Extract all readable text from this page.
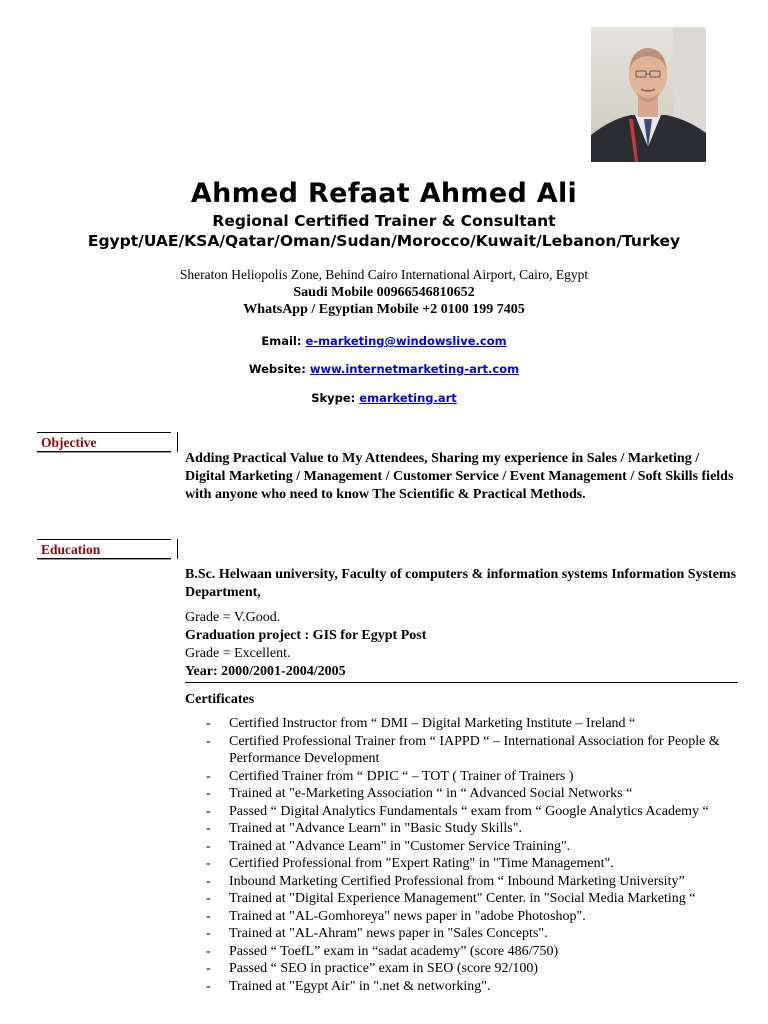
Ahmed Refaat Ahmed Ali
Regional Certified Trainer & Consultant
Egypt/UAE/KSA/Qatar/Oman/Sudan/Morocco/Kuwait/Lebanon/Turkey
Sheraton Heliopolis Zone, Behind Cairo International Airport, Cairo, Egypt
Saudi Mobile 00966546810652
WhatsApp / Egyptian Mobile +2 0100 199 7405
Email: e-marketing@windowslive.com
Website: www.internetmarketing-art.com
Skype: emarketing.art
Objective
Adding Practical Value to My Attendees, Sharing my experience in Sales / Marketing / Digital Marketing / Management / Customer Service / Event Management / Soft Skills fields with anyone who need to know The Scientific & Practical Methods.
Education
B.Sc. Helwaan university, Faculty of computers & information systems Information Systems Department,
Grade = V.Good.
Graduation project : GIS for Egypt Post
Grade = Excellent.
Year: 2000/2001-2004/2005
Certificates
- Certified Instructor from “ DMI – Digital Marketing Institute – Ireland “
- Certified Professional Trainer from “ IAPPD “ – International Association for People & Performance Development
- Certified Trainer from “ DPIC “ – TOT ( Trainer of Trainers )
- Trained at "e-Marketing Association “ in “ Advanced Social Networks “
- Passed “ Digital Analytics Fundamentals “ exam from “ Google Analytics Academy “
- Trained at "Advance Learn" in "Basic Study Skills".
- Trained at "Advance Learn" in "Customer Service Training".
- Certified Professional from "Expert Rating" in "Time Management".
- Inbound Marketing Certified Professional from “ Inbound Marketing University”
- Trained at "Digital Experience Management" Center. in "Social Media Marketing “
- Trained at "AL-Gomhoreya" news paper in "adobe Photoshop".
- Trained at "AL-Ahram" news paper in "Sales Concepts".
- Passed “ ToefL” exam in “sadat academy” (score 486/750)
- Passed “ SEO in practice” exam in SEO (score 92/100)
- Trained at "Egypt Air" in ".net & networking".
